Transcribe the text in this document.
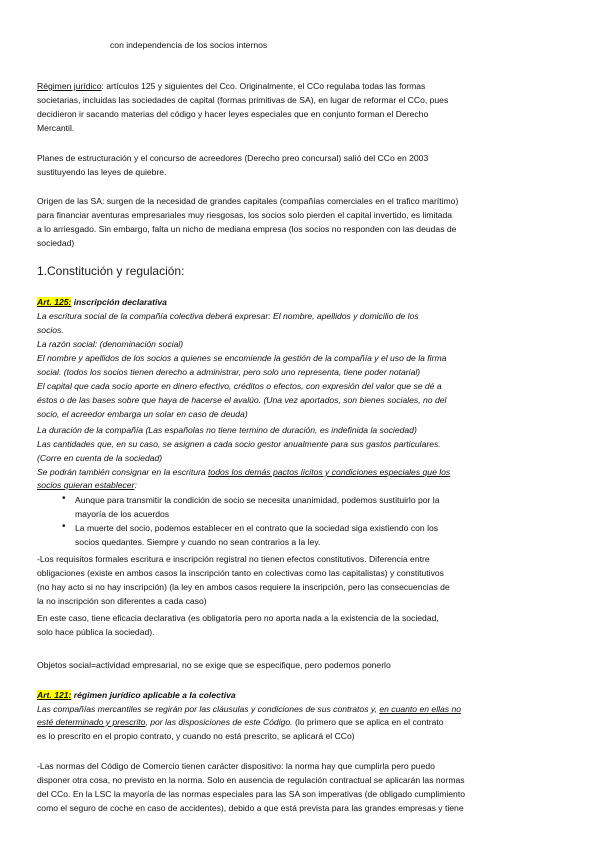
con independencia de los socios internos
Régimen jurídico: artículos 125 y siguientes del Cco. Originalmente, el CCo regulaba todas las formas
societarias, incluidas las sociedades de capital (formas primitivas de SA), en lugar de reformar el CCo, pues
decidieron ir sacando materias del código y hacer leyes especiales que en conjunto forman el Derecho
Mercantil.
Planes de estructuración y el concurso de acreedores (Derecho preo concursal) salió del CCo en 2003
sustituyendo las leyes de quiebre.
Origen de las SA: surgen de la necesidad de grandes capitales (compañías comerciales en el trafico marítimo)
para financiar aventuras empresariales muy riesgosas, los socios solo pierden el capital invertido, es limitada
a lo arriesgado. Sin embargo, falta un nicho de mediana empresa (los socios no responden con las deudas de
sociedad)
1.Constitución y regulación:
Art. 125: inscripción declarativa
La escritura social de la compañía colectiva deberá expresar: El nombre, apellidos y domicilio de los
socios.
La razón social: (denominación social)
El nombre y apellidos de los socios a quienes se encomiende la gestión de la compañía y el uso de la firma
social. (todos los socios tienen derecho a administrar, pero solo uno representa, tiene poder notarial)
El capital que cada socio aporte en dinero efectivo, créditos o efectos, con expresión del valor que se dé a
éstos o de las bases sobre que haya de hacerse el avalúo. (Una vez aportados, son bienes sociales, no del
socio, el acreedor embarga un solar en caso de deuda)
La duración de la compañía (Las españolas no tiene termino de duración, es indefinida la sociedad)
Las cantidades que, en su caso, se asignen a cada socio gestor anualmente para sus gastos particulares.
(Corre en cuenta de la sociedad)
Se podrán también consignar en la escritura todos los demás pactos lícitos y condiciones especiales que los
socios quieran establecer:
• Aunque para transmitir la condición de socio se necesita unanimidad, podemos sustituirlo por la
mayoría de los acuerdos
• La muerte del socio, podemos establecer en el contrato que la sociedad siga existiendo con los
socios quedantes. Siempre y cuando no sean contrarios a la ley.
-Los requisitos formales escritura e inscripción registral no tienen efectos constitutivos. Diferencia entre
obligaciones (existe en ambos casos la inscripción tanto en colectivas como las capitalistas) y constitutivos
(no hay acto si no hay inscripción) (la ley en ambos casos requiere la inscripción, pero las consecuencias de
la no inscripción son diferentes a cada caso)
En este caso, tiene eficacia declarativa (es obligatoria pero no aporta nada a la existencia de la sociedad,
solo hace pública la sociedad).
Objetos social=actividad empresarial, no se exige que se especifique, pero podemos ponerlo
Art. 121: régimen jurídico aplicable a la colectiva
Las compañías mercantiles se regirán por las cláusulas y condiciones de sus contratos y, en cuanto en ellas no
esté determinado y prescrito, por las disposiciones de este Código. (lo primero que se aplica en el contrato
es lo prescrito en el propio contrato, y cuando no está prescrito, se aplicará el CCo)
-Las normas del Código de Comercio tienen carácter dispositivo: la norma hay que cumplirla pero puedo
disponer otra cosa, no previsto en la norma. Solo en ausencia de regulación contractual se aplicarán las normas
del CCo. En la LSC la mayoría de las normas especiales para las SA son imperativas (de obligado cumplimiento
como el seguro de coche en caso de accidentes), debido a que está prevista para las grandes empresas y tiene
